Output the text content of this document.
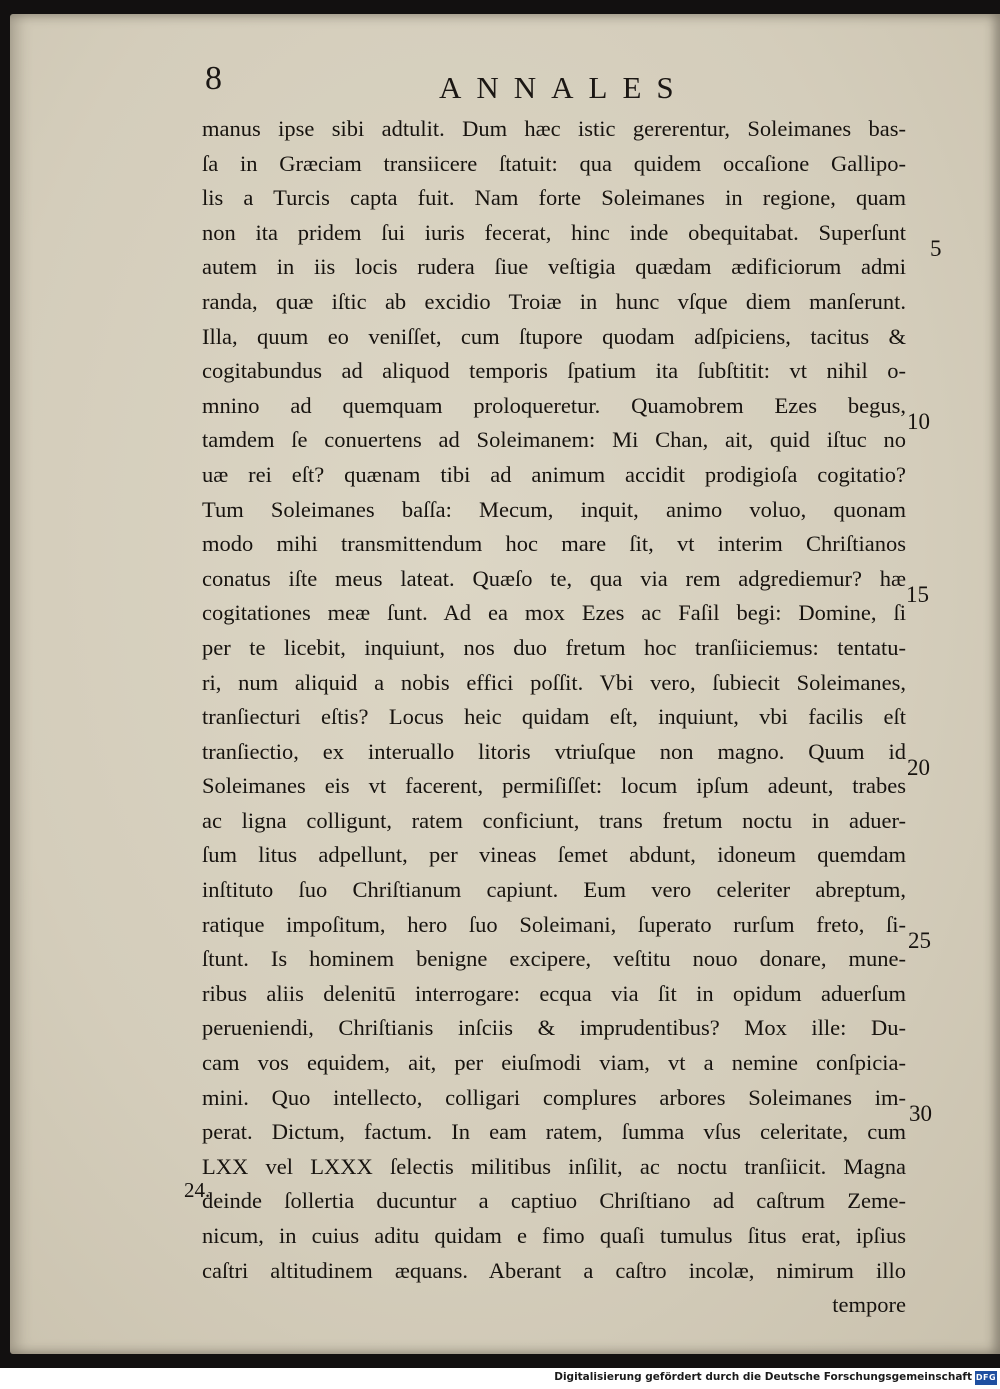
8	ANNALES
manus ipse sibi adtulit. Dum hæc istic gererentur, Soleimanes bas-
ſa in Græciam transiicere ſtatuit: qua quidem occaſione Gallipo-
lis a Turcis capta fuit. Nam forte Soleimanes in regione, quam
non ita pridem ſui iuris fecerat, hinc inde obequitabat. Superſunt
autem in iis locis rudera ſiue veſtigia quædam ædificiorum admi
randa, quæ iſtic ab excidio Troiæ in hunc vſque diem manſerunt.
Illa, quum eo veniſſet, cum ſtupore quodam adſpiciens, tacitus &
cogitabundus ad aliquod temporis ſpatium ita ſubſtitit: vt nihil o-
mnino ad quemquam proloqueretur. Quamobrem Ezes begus,
tamdem ſe conuertens ad Soleimanem: Mi Chan, ait, quid iſtuc no
uæ rei eſt? quænam tibi ad animum accidit prodigioſa cogitatio?
Tum Soleimanes baſſa: Mecum, inquit, animo voluo, quonam
modo mihi transmittendum hoc mare ſit, vt interim Chriſtianos
conatus iſte meus lateat. Quæſo te, qua via rem adgrediemur? hæ
cogitationes meæ ſunt. Ad ea mox Ezes ac Faſil begi: Domine, ſi
per te licebit, inquiunt, nos duo fretum hoc tranſiiciemus: tentatu-
ri, num aliquid a nobis effici poſſit. Vbi vero, ſubiecit Soleimanes,
tranſiecturi eſtis? Locus heic quidam eſt, inquiunt, vbi facilis eſt
tranſiectio, ex interuallo litoris vtriuſque non magno. Quum id
Soleimanes eis vt facerent, permiſiſſet: locum ipſum adeunt, trabes
ac ligna colligunt, ratem conficiunt, trans fretum noctu in aduer-
ſum litus adpellunt, per vineas ſemet abdunt, idoneum quemdam
inſtituto ſuo Chriſtianum capiunt. Eum vero celeriter abreptum,
ratique impoſitum, hero ſuo Soleimani, ſuperato rurſum freto, ſi-
ſtunt. Is hominem benigne excipere, veſtitu nouo donare, mune-
ribus aliis delenitū interrogare: ecqua via ſit in opidum aduerſum
perueniendi, Chriſtianis inſciis & imprudentibus? Mox ille: Du-
cam vos equidem, ait, per eiuſmodi viam, vt a nemine conſpicia-
mini. Quo intellecto, colligari complures arbores Soleimanes im-
perat. Dictum, factum. In eam ratem, ſumma vſus celeritate, cum
LXX vel LXXX ſelectis militibus inſilit, ac noctu tranſiicit. Magna
deinde ſollertia ducuntur a captiuo Chriſtiano ad caſtrum Zeme-
nicum, in cuius aditu quidam e fimo quaſi tumulus ſitus erat, ipſius
caſtri altitudinem æquans. Aberant a caſtro incolæ, nimirum illo
tempore
5
10
15
20
25
30
24.
Digitalisierung gefördert durch die Deutsche Forschungsgemeinschaft DFG
